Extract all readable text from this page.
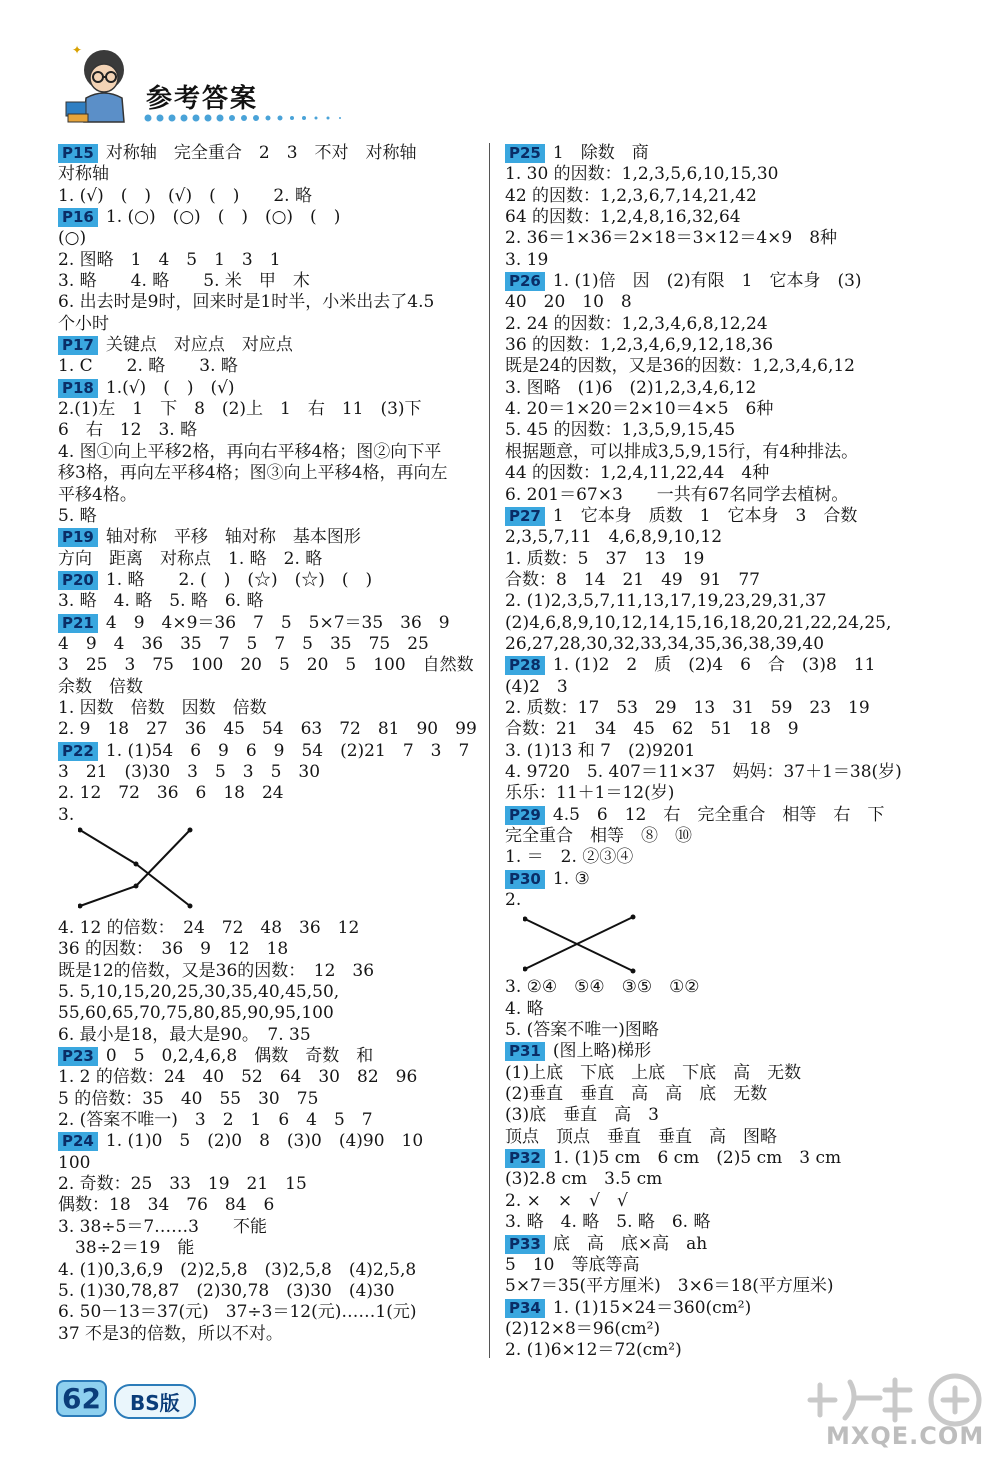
✦
参考答案
P15 对称轴　完全重合　2　3　不对　对称轴
对称轴
1. (√)　(　)　(√)　(　)　　2. 略
P16 1. (○)　(○)　(　)　(○)　(　)
(○)
2. 图略　1　4　5　1　3　1
3. 略　　4. 略　　5. 米　甲　木
6. 出去时是9时，回来时是1时半，小米出去了4.5
个小时
P17 关键点　对应点　对应点
1. C　　2. 略　　3. 略
P18 1.(√)　(　)　(√)
2.(1)左　1　下　8　(2)上　1　右　11　(3)下
6　右　12　3. 略
4. 图①向上平移2格，再向右平移4格；图②向下平
移3格，再向左平移4格；图③向上平移4格，再向左
平移4格。
5. 略
P19 轴对称　平移　轴对称　基本图形
方向　距离　对称点　1. 略　2. 略
P20 1. 略　　2. (　)　(☆)　(☆)　(　)
3. 略　4. 略　5. 略　6. 略
P21 4　9　4×9＝36　7　5　5×7＝35　36　9
4　9　4　36　35　7　5　7　5　35　75　25
3　25　3　75　100　20　5　20　5　100　自然数
余数　倍数
1. 因数　倍数　因数　倍数
2. 9　18　27　36　45　54　63　72　81　90　99
P22 1. (1)54　6　9　6　9　54　(2)21　7　3　7
3　21　(3)30　3　5　3　5　30
2. 12　72　36　6　18　24
3.
4. 12 的倍数：　24　72　48　36　12
36 的因数：　36　9　12　18
既是12的倍数，又是36的因数：　12　36
5. 5,10,15,20,25,30,35,40,45,50,
55,60,65,70,75,80,85,90,95,100
6. 最小是18，最大是90。　7. 35
P23 0　5　0,2,4,6,8　偶数　奇数　和
1. 2 的倍数：24　40　52　64　30　82　96
5 的倍数：35　40　55　30　75
2. (答案不唯一)　3　2　1　6　4　5　7
P24 1. (1)0　5　(2)0　8　(3)0　(4)90　10
100
2. 奇数：25　33　19　21　15
偶数：18　34　76　84　6
3. 38÷5＝7……3　　不能
　38÷2＝19　能
4. (1)0,3,6,9　(2)2,5,8　(3)2,5,8　(4)2,5,8
5. (1)30,78,87　(2)30,78　(3)30　(4)30
6. 50－13＝37(元)　37÷3＝12(元)……1(元)
37 不是3的倍数，所以不对。
P25 1　除数　商
1. 30 的因数：1,2,3,5,6,10,15,30
42 的因数：1,2,3,6,7,14,21,42
64 的因数：1,2,4,8,16,32,64
2. 36＝1×36＝2×18＝3×12＝4×9　8种
3. 19
P26 1. (1)倍　因　(2)有限　1　它本身　(3)
40　20　10　8
2. 24 的因数：1,2,3,4,6,8,12,24
36 的因数：1,2,3,4,6,9,12,18,36
既是24的因数，又是36的因数：1,2,3,4,6,12
3. 图略　(1)6　(2)1,2,3,4,6,12
4. 20＝1×20＝2×10＝4×5　6种
5. 45 的因数：1,3,5,9,15,45
根据题意，可以排成3,5,9,15行，有4种排法。
44 的因数：1,2,4,11,22,44　4种
6. 201＝67×3　　一共有67名同学去植树。
P27 1　它本身　质数　1　它本身　3　合数
2,3,5,7,11　4,6,8,9,10,12
1. 质数：5　37　13　19
合数：8　14　21　49　91　77
2. (1)2,3,5,7,11,13,17,19,23,29,31,37
(2)4,6,8,9,10,12,14,15,16,18,20,21,22,24,25,
26,27,28,30,32,33,34,35,36,38,39,40
P28 1. (1)2　2　质　(2)4　6　合　(3)8　11
(4)2　3
2. 质数：17　53　29　13　31　59　23　19
合数：21　34　45　62　51　18　9
3. (1)13 和 7　(2)9201
4. 9720　5. 407＝11×37　妈妈：37＋1＝38(岁)
乐乐：11＋1＝12(岁)
P29 4.5　6　12　右　完全重合　相等　右　下
完全重合　相等　⑧　⑩
1. ＝　2. ②③④
P30 1. ③
2.
3. ②④　⑤④　③⑤　①②
4. 略
5. (答案不唯一)图略
P31 (图上略)梯形
(1)上底　下底　上底　下底　高　无数
(2)垂直　垂直　高　高　底　无数
(3)底　垂直　高　3
顶点　顶点　垂直　垂直　高　图略
P32 1. (1)5 cm　6 cm　(2)5 cm　3 cm
(3)2.8 cm　3.5 cm
2. ×　×　√　√
3. 略　4. 略　5. 略　6. 略
P33 底　高　底×高　ah
5　10　等底等高
5×7＝35(平方厘米)　3×6＝18(平方厘米)
P34 1. (1)15×24＝360(cm²)
(2)12×8＝96(cm²)
2. (1)6×12＝72(cm²)
62	BS版
MXQE.COM
